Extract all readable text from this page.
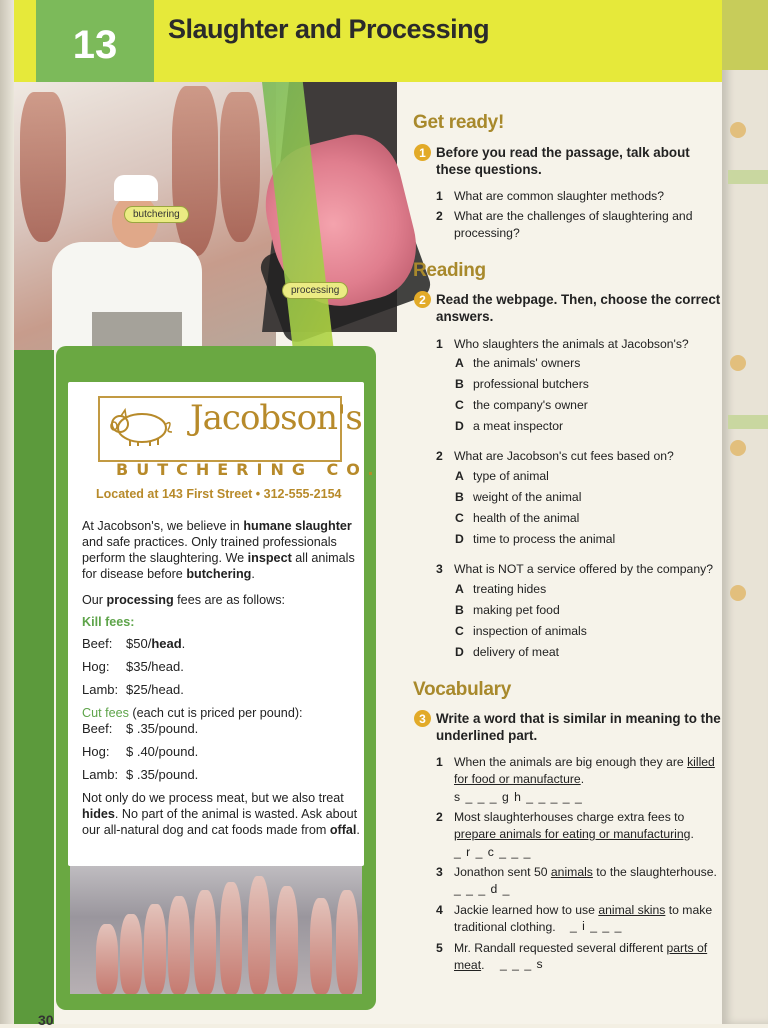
13	Slaughter and Processing
butchering
processing
Jacobson's
BUTCHERING CO.
Located at 143 First Street • 312-555-2154
At Jacobson's, we believe in humane slaughter and safe practices. Only trained professionals perform the slaughtering. We inspect all animals for disease before butchering.
Our processing fees are as follows:
Kill fees:
Beef: $50/head.
Hog: $35/head.
Lamb: $25/head.
Cut fees (each cut is priced per pound):
Beef: $ .35/pound.
Hog: $ .40/pound.
Lamb: $ .35/pound.
Not only do we process meat, but we also treat hides. No part of the animal is wasted. Ask about our all-natural dog and cat foods made from offal.
30
Get ready!
1 Before you read the passage, talk about these questions.
1 What are common slaughter methods?
2 What are the challenges of slaughtering and processing?
Reading
2 Read the webpage. Then, choose the correct answers.
1 Who slaughters the animals at Jacobson's?
A the animals' owners
B professional butchers
C the company's owner
D a meat inspector
2 What are Jacobson's cut fees based on?
A type of animal
B weight of the animal
C health of the animal
D time to process the animal
3 What is NOT a service offered by the company?
A treating hides
B making pet food
C inspection of animals
D delivery of meat
Vocabulary
3 Write a word that is similar in meaning to the underlined part.
1 When the animals are big enough they are killed for food or manufacture.
s _ _ _ g h _ _ _ _ _
2 Most slaughterhouses charge extra fees to prepare animals for eating or manufacturing.
_ r _ c _ _ _
3 Jonathon sent 50 animals to the slaughterhouse.
_ _ _ d _
4 Jackie learned how to use animal skins to make traditional clothing.	_ i _ _ _
5 Mr. Randall requested several different parts of meat.	_ _ _ s
